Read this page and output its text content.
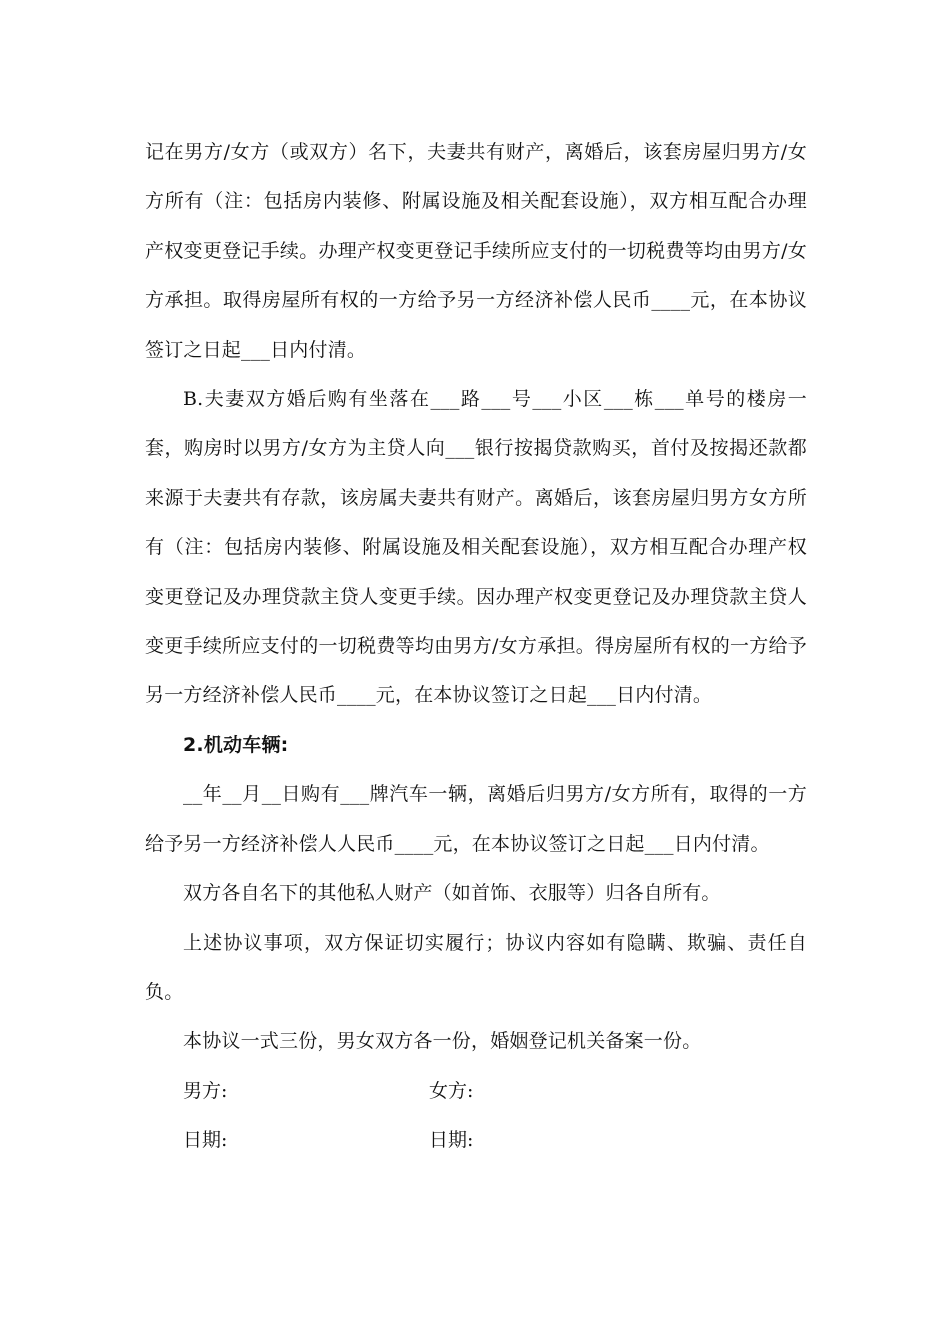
记在男方/女方（或双方）名下，夫妻共有财产，离婚后，该套房屋归男方/女方所有（注：包括房内装修、附属设施及相关配套设施），双方相互配合办理产权变更登记手续。办理产权变更登记手续所应支付的一切税费等均由男方/女方承担。取得房屋所有权的一方给予另一方经济补偿人民币____元，在本协议签订之日起___日内付清。

B.夫妻双方婚后购有坐落在___路___号___小区___栋___单号的楼房一套，购房时以男方/女方为主贷人向___银行按揭贷款购买，首付及按揭还款都来源于夫妻共有存款，该房属夫妻共有财产。离婚后，该套房屋归男方女方所有（注：包括房内装修、附属设施及相关配套设施），双方相互配合办理产权变更登记及办理贷款主贷人变更手续。因办理产权变更登记及办理贷款主贷人变更手续所应支付的一切税费等均由男方/女方承担。得房屋所有权的一方给予另一方经济补偿人民币____元，在本协议签订之日起___日内付清。

2.机动车辆:

__年__月__日购有___牌汽车一辆，离婚后归男方/女方所有，取得的一方给予另一方经济补偿人人民币____元，在本协议签订之日起___日内付清。

双方各自名下的其他私人财产（如首饰、衣服等）归各自所有。

上述协议事项，双方保证切实履行；协议内容如有隐瞒、欺骗、责任自负。

本协议一式三份，男女双方各一份，婚姻登记机关备案一份。

男方:	女方:
日期:	日期:
